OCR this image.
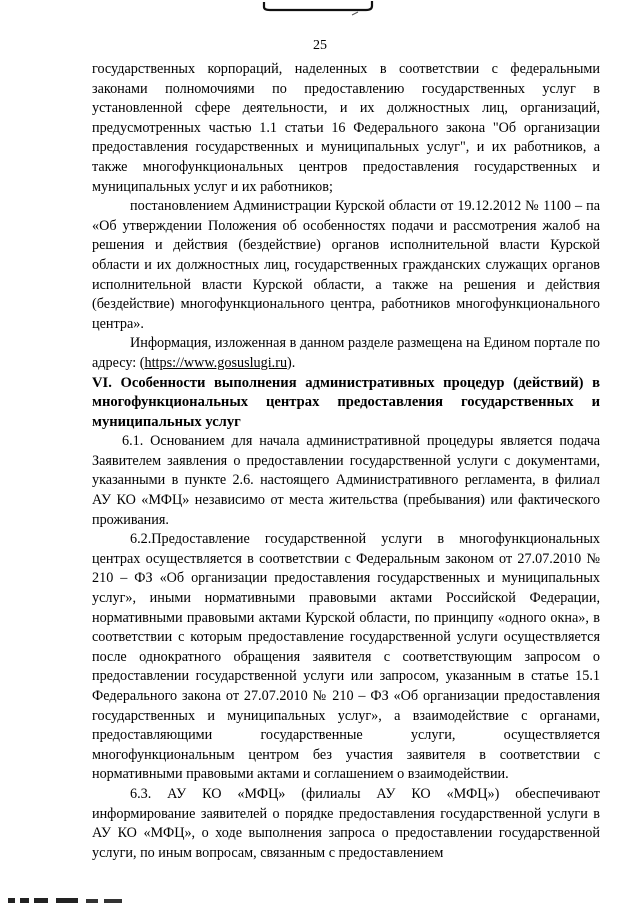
25

государственных корпораций, наделенных в соответствии с федеральными законами полномочиями по предоставлению государственных услуг в установленной сфере деятельности, и их должностных лиц, организаций, предусмотренных частью 1.1 статьи 16 Федерального закона "Об организации предоставления государственных и муниципальных услуг", и их работников, а также многофункциональных центров предоставления государственных и муниципальных услуг и их работников;

постановлением Администрации Курской области от 19.12.2012 № 1100 – па «Об утверждении Положения об особенностях подачи и рассмотрения жалоб на решения и действия (бездействие) органов исполнительной власти Курской области и их должностных лиц, государственных гражданских служащих органов исполнительной власти Курской области, а также на решения и действия (бездействие) многофункционального центра, работников многофункционального центра».

Информация, изложенная в данном разделе размещена на Едином портале по адресу: (https://www.gosuslugi.ru).

VI. Особенности выполнения административных процедур (действий) в многофункциональных центрах предоставления государственных и муниципальных услуг

6.1. Основанием для начала административной процедуры является подача Заявителем заявления о предоставлении государственной услуги с документами, указанными в пункте 2.6. настоящего Административного регламента, в филиал АУ КО «МФЦ» независимо от места жительства (пребывания) или фактического проживания.

6.2.Предоставление государственной услуги в многофункциональных центрах осуществляется в соответствии с Федеральным законом от 27.07.2010 № 210 – ФЗ «Об организации предоставления государственных и муниципальных услуг», иными нормативными правовыми актами Российской Федерации, нормативными правовыми актами Курской области, по принципу «одного окна», в соответствии с которым предоставление государственной услуги осуществляется после однократного обращения заявителя с соответствующим запросом о предоставлении государственной услуги или запросом, указанным в статье 15.1 Федерального закона от 27.07.2010 № 210 – ФЗ «Об организации предоставления государственных и муниципальных услуг», а взаимодействие с органами, предоставляющими государственные услуги, осуществляется многофункциональным центром без участия заявителя в соответствии с нормативными правовыми актами и соглашением о взаимодействии.

6.3. АУ КО «МФЦ» (филиалы АУ КО «МФЦ») обеспечивают информирование заявителей о порядке предоставления государственной услуги в АУ КО «МФЦ», о ходе выполнения запроса о предоставлении государственной услуги, по иным вопросам, связанным с предоставлением
